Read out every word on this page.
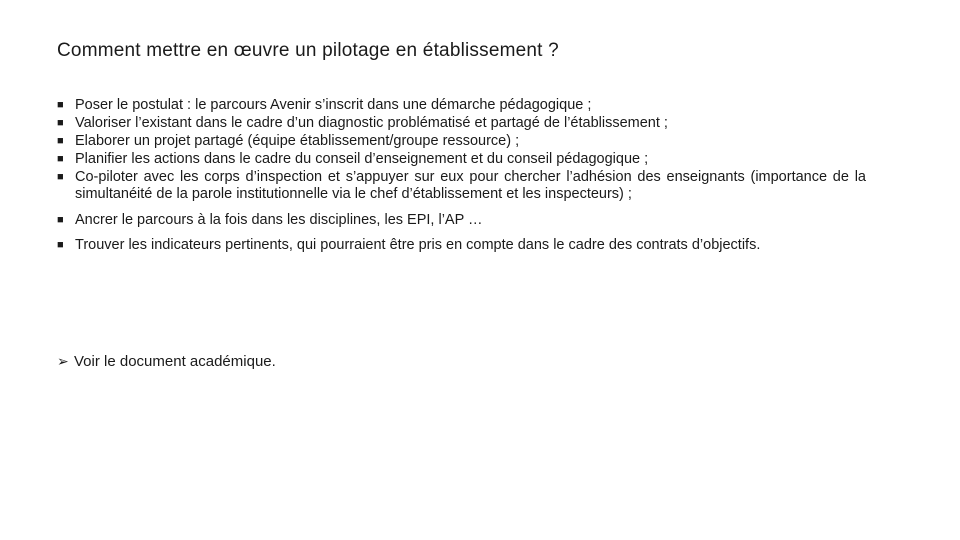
Comment mettre en œuvre un pilotage en établissement ?
■ Poser le postulat : le parcours Avenir s’inscrit dans une démarche pédagogique ;
■ Valoriser l’existant dans le cadre d’un diagnostic problématisé et partagé de l’établissement ;
■ Elaborer un projet partagé (équipe établissement/groupe ressource) ;
■ Planifier les actions dans le cadre du conseil d’enseignement et du conseil pédagogique ;
■ Co-piloter avec les corps d’inspection et s’appuyer sur eux pour chercher l’adhésion des enseignants (importance de la simultanéité de la parole institutionnelle via le chef d’établissement et les inspecteurs) ;
■ Ancrer le parcours à la fois dans les disciplines, les EPI, l’AP …
■ Trouver les indicateurs pertinents, qui pourraient être pris en compte dans le cadre des contrats d’objectifs.
➢ Voir le document académique.
